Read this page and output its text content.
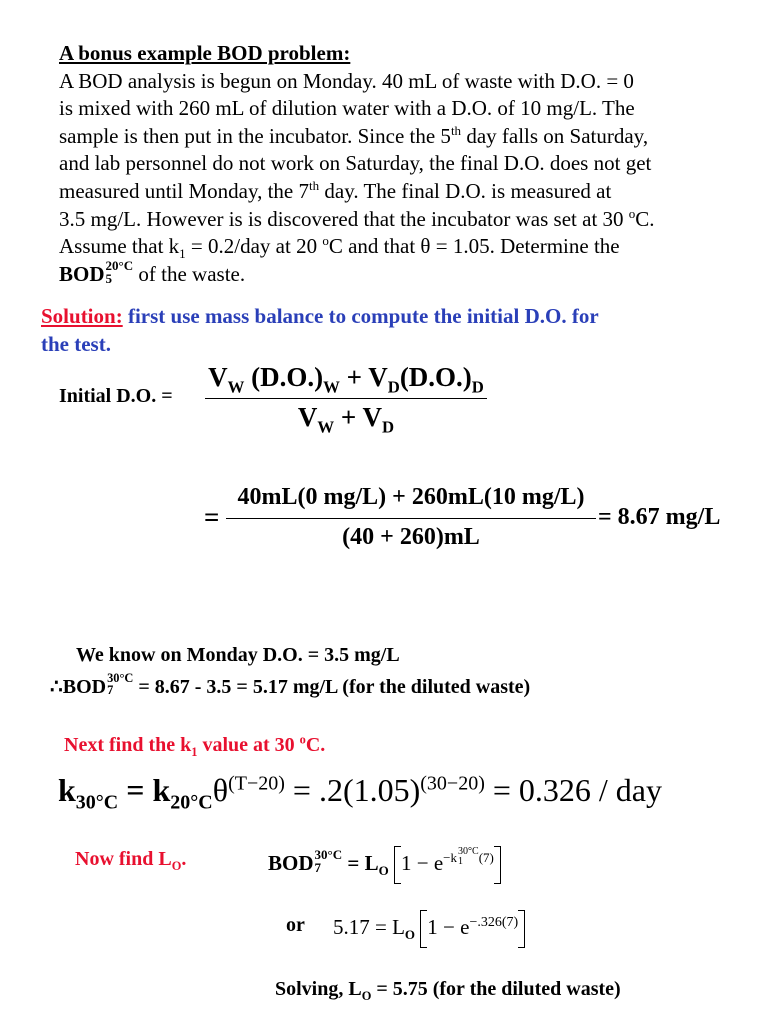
A bonus example BOD problem:

A BOD analysis is begun on Monday. 40 mL of waste with D.O. = 0

is mixed with 260 mL of dilution water with a D.O. of 10 mg/L. The

sample is then put in the incubator. Since the 5th day falls on Saturday,

and lab personnel do not work on Saturday, the final D.O. does not get

measured until Monday, the 7th day. The final D.O. is measured at

3.5 mg/L. However is is discovered that the incubator was set at 30 $^o$C.

Assume that $k_1 = 0.2/day$ at 20 $^o$C and that θ = 1.05. Determine the

BOD 20°C
5	of the waste.

Solution: first use mass balance to compute the initial D.O. for
the test.
Initial D.O. =
$V_W$ $(D.O.)_W + V_D(D.O.)_D$
$V_W + V_D$
=
40mL(0 mg/L) + 260mL(10 mg/L)
(40 + 260)mL
= 8.67 mg/L
We know on Monday D.O. = 3.5 mg/L
∴BOD 30°C
7	= 8.67 - 3.5 = 5.17 mg/L (for the diluted waste)
Next find the $k_1$ value at 30 $^o$C.
$k_{30^\circ C} = k_{20^\circ C}\theta^{(T-20)} = .2(1.05)^{(30-20)} = 0.326$ / day
Now find $L_O$.	BOD 30°C
7	= $L_O$ $1 - e^{-k 30^\circ C 1 (7)}$
or $5.17 = L_O$ $1 - e^{-.326(7)}$
Solving, $L_O = 5.75$ (for the diluted waste)
